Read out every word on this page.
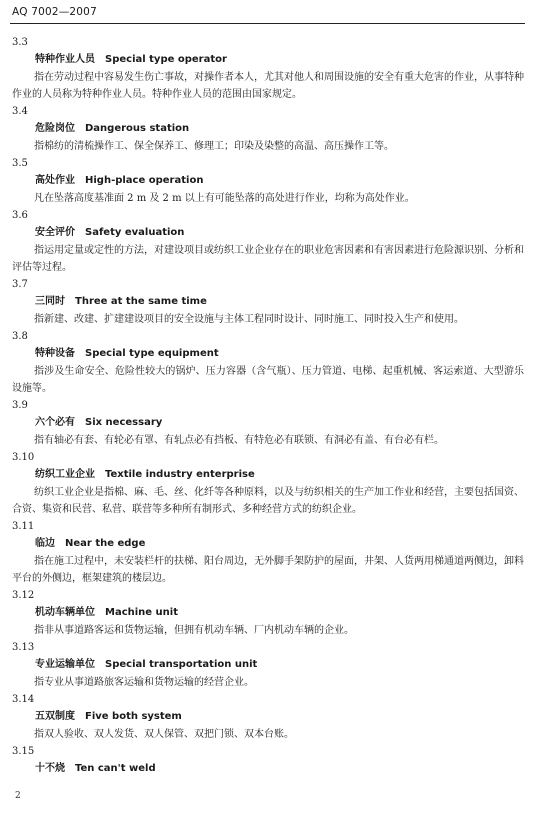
AQ 7002—2007
3.3
特种作业人员 Special type operator

指在劳动过程中容易发生伤亡事故，对操作者本人，尤其对他人和周围设施的安全有重大危害的作业，从事特种作业的人员称为特种作业人员。特种作业人员的范围由国家规定。

3.4
危险岗位 Dangerous station

指棉纺的清梳操作工、保全保养工、修理工；印染及染整的高温、高压操作工等。

3.5
高处作业 High-place operation

凡在坠落高度基准面 2 m 及 2 m 以上有可能坠落的高处进行作业，均称为高处作业。

3.6
安全评价 Safety evaluation

指运用定量或定性的方法，对建设项目或纺织工业企业存在的职业危害因素和有害因素进行危险源识别、分析和评估等过程。

3.7
三同时 Three at the same time

指新建、改建、扩建建设项目的安全设施与主体工程同时设计、同时施工、同时投入生产和使用。

3.8
特种设备 Special type equipment

指涉及生命安全、危险性较大的锅炉、压力容器（含气瓶）、压力管道、电梯、起重机械、客运索道、大型游乐设施等。

3.9
六个必有 Six necessary

指有轴必有套、有轮必有罩、有轧点必有挡板、有特危必有联锁、有洞必有盖、有台必有栏。

3.10
纺织工业企业 Textile industry enterprise

纺织工业企业是指棉、麻、毛、丝、化纤等各种原料，以及与纺织相关的生产加工作业和经营，主要包括国资、合资、集资和民营、私营、联营等多种所有制形式、多种经营方式的纺织企业。

3.11
临边 Near the edge

指在施工过程中，未安装栏杆的扶梯、阳台周边，无外脚手架防护的屋面，井架、人货两用梯通道两侧边，卸料平台的外侧边，框架建筑的楼层边。

3.12
机动车辆单位 Machine unit

指非从事道路客运和货物运输，但拥有机动车辆、厂内机动车辆的企业。

3.13
专业运输单位 Special transportation unit

指专业从事道路旅客运输和货物运输的经营企业。

3.14
五双制度 Five both system

指双人验收、双人发货、双人保管、双把门锁、双本台账。

3.15
十不烧 Ten can't weld
2
